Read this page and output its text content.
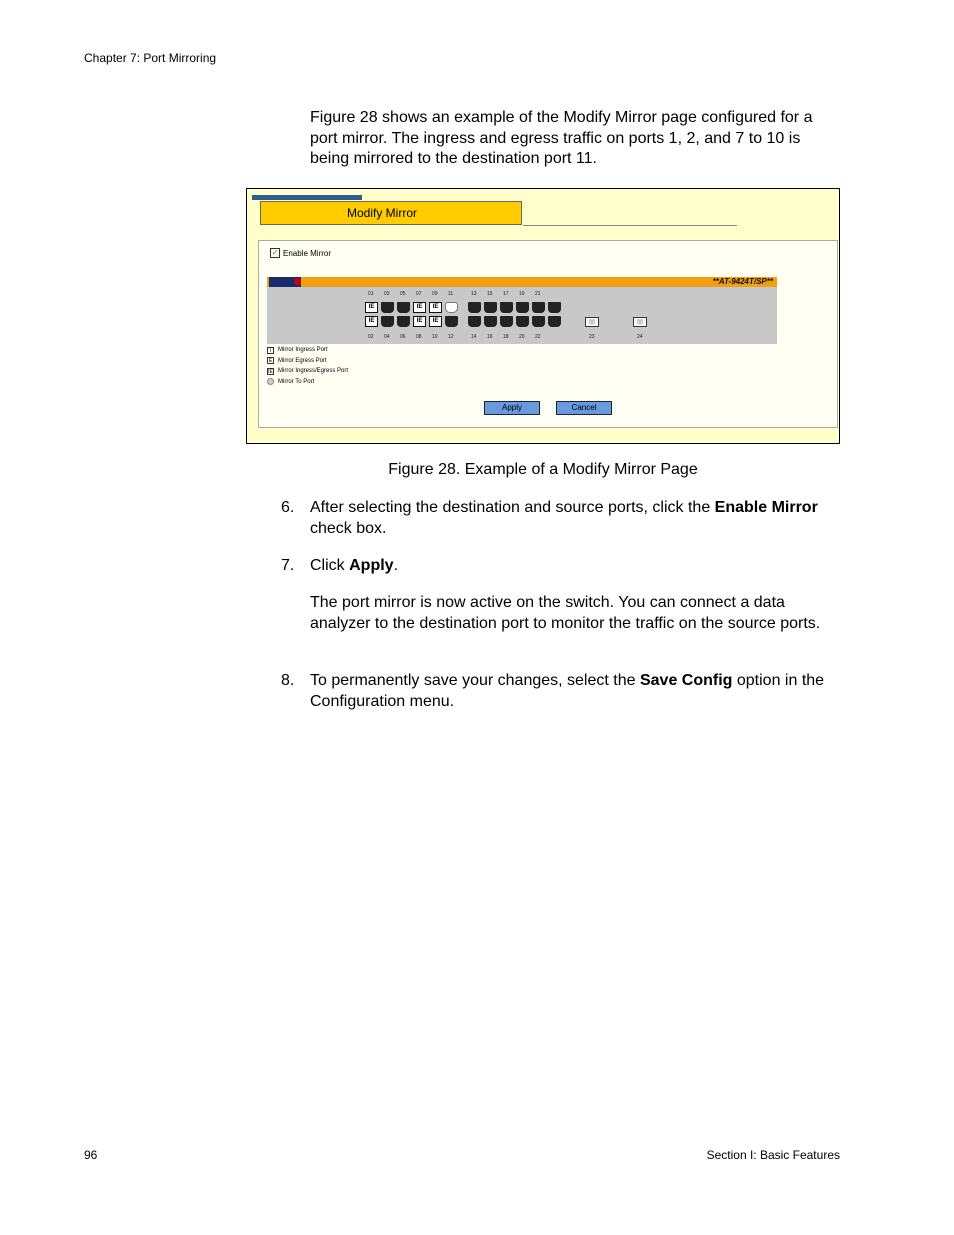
Chapter 7: Port Mirroring
Figure 28 shows an example of the Modify Mirror page configured for a port mirror. The ingress and egress traffic on ports 1, 2, and 7 to 10 is being mirrored to the destination port 11.
Modify Mirror
✓ Enable Mirror
**AT-9424T/SP**
01
02
03
04
05
06
07
08
09
10
11
12
13
14
15
16
17
18
19
20
21
22
IE
IE
IE
IE
IE
IE	▯▯
23
▯▯
24
I	Mirror Ingress Port
E Mirror Egress Port
IE Mirror Ingress/Egress Port
Mirror To Port
Apply	Cancel
Figure 28. Example of a Modify Mirror Page
6. After selecting the destination and source ports, click the Enable Mirror check box.
7. Click Apply.
The port mirror is now active on the switch. You can connect a data analyzer to the destination port to monitor the traffic on the source ports.
8. To permanently save your changes, select the Save Config option in the Configuration menu.
96	Section I: Basic Features
